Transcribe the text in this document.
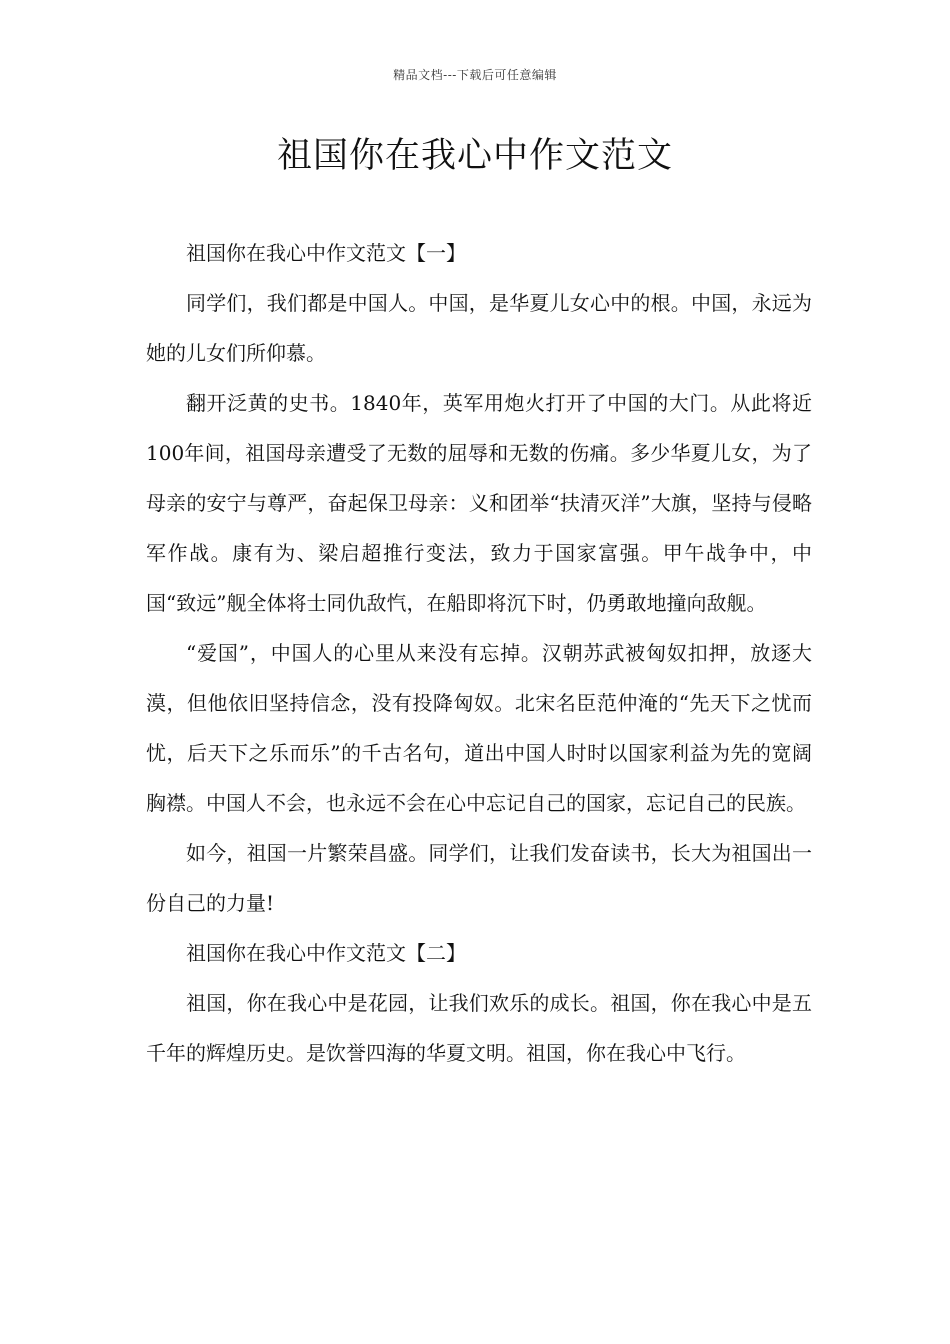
精品文档---下载后可任意编辑
祖国你在我心中作文范文

祖国你在我心中作文范文【一】

同学们，我们都是中国人。中国，是华夏儿女心中的根。中国，永远为她的儿女们所仰慕。

翻开泛黄的史书。1840年，英军用炮火打开了中国的大门。从此将近100年间，祖国母亲遭受了无数的屈辱和无数的伤痛。多少华夏儿女，为了母亲的安宁与尊严，奋起保卫母亲：义和团举“扶清灭洋”大旗，坚持与侵略军作战。康有为、梁启超推行变法，致力于国家富强。甲午战争中，中国“致远”舰全体将士同仇敌忾，在船即将沉下时，仍勇敢地撞向敌舰。

“爱国”，中国人的心里从来没有忘掉。汉朝苏武被匈奴扣押，放逐大漠，但他依旧坚持信念，没有投降匈奴。北宋名臣范仲淹的“先天下之忧而忧，后天下之乐而乐”的千古名句，道出中国人时时以国家利益为先的宽阔胸襟。中国人不会，也永远不会在心中忘记自己的国家，忘记自己的民族。

如今，祖国一片繁荣昌盛。同学们，让我们发奋读书，长大为祖国出一份自己的力量!

祖国你在我心中作文范文【二】

祖国，你在我心中是花园，让我们欢乐的成长。祖国，你在我心中是五千年的辉煌历史。是饮誉四海的华夏文明。祖国，你在我心中飞行。
